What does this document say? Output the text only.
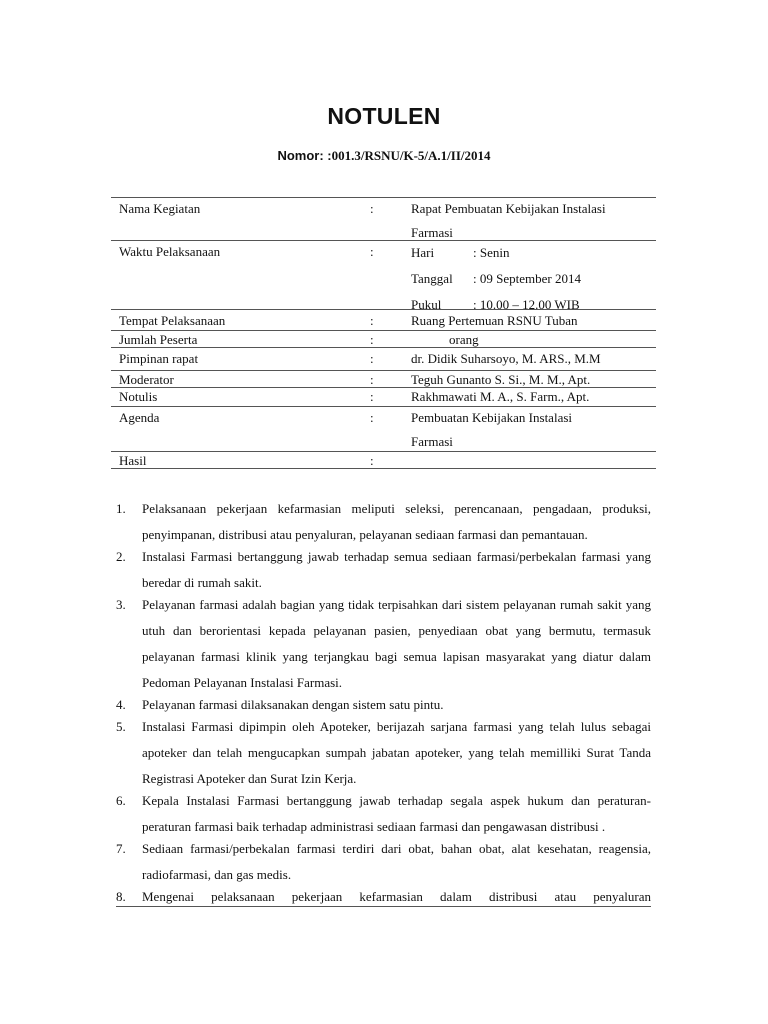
NOTULEN
Nomor: :001.3/RSNU/K-5/A.1/II/2014
Nama Kegiatan	:	Rapat Pembuatan Kebijakan Instalasi
Farmasi
Waktu Pelaksanaan	:	Hari	: Senin
Tanggal : 09 September 2014
Pukul : 10.00 – 12.00 WIB
Tempat Pelaksanaan	:	Ruang Pertemuan RSNU Tuban
Jumlah Peserta	:	orang
Pimpinan rapat	:	dr. Didik Suharsoyo, M. ARS., M.M
Moderator	:	Teguh Gunanto S. Si., M. M., Apt.
Notulis	:	Rakhmawati M. A., S. Farm., Apt.
Agenda	:	Pembuatan Kebijakan Instalasi
Farmasi
Hasil	:
1. Pelaksanaan pekerjaan kefarmasian meliputi seleksi, perencanaan, pengadaan, produksi, penyimpanan, distribusi atau penyaluran, pelayanan sediaan farmasi dan pemantauan.
2. Instalasi Farmasi bertanggung jawab terhadap semua sediaan farmasi/perbekalan farmasi yang beredar di rumah sakit.
3. Pelayanan farmasi adalah bagian yang tidak terpisahkan dari sistem pelayanan rumah sakit yang utuh dan berorientasi kepada pelayanan pasien, penyediaan obat yang bermutu, termasuk pelayanan farmasi klinik yang terjangkau bagi semua lapisan masyarakat yang diatur dalam Pedoman Pelayanan Instalasi Farmasi.
4. Pelayanan farmasi dilaksanakan dengan sistem satu pintu.
5. Instalasi Farmasi dipimpin oleh Apoteker, berijazah sarjana farmasi yang telah lulus sebagai apoteker dan telah mengucapkan sumpah jabatan apoteker, yang telah memilliki Surat Tanda Registrasi Apoteker dan Surat Izin Kerja.
6. Kepala Instalasi Farmasi bertanggung jawab terhadap segala aspek hukum dan peraturan-peraturan farmasi baik terhadap administrasi sediaan farmasi dan pengawasan distribusi .
7. Sediaan farmasi/perbekalan farmasi terdiri dari obat, bahan obat, alat kesehatan, reagensia, radiofarmasi, dan gas medis.
8. Mengenai pelaksanaan pekerjaan kefarmasian dalam distribusi atau penyaluran
